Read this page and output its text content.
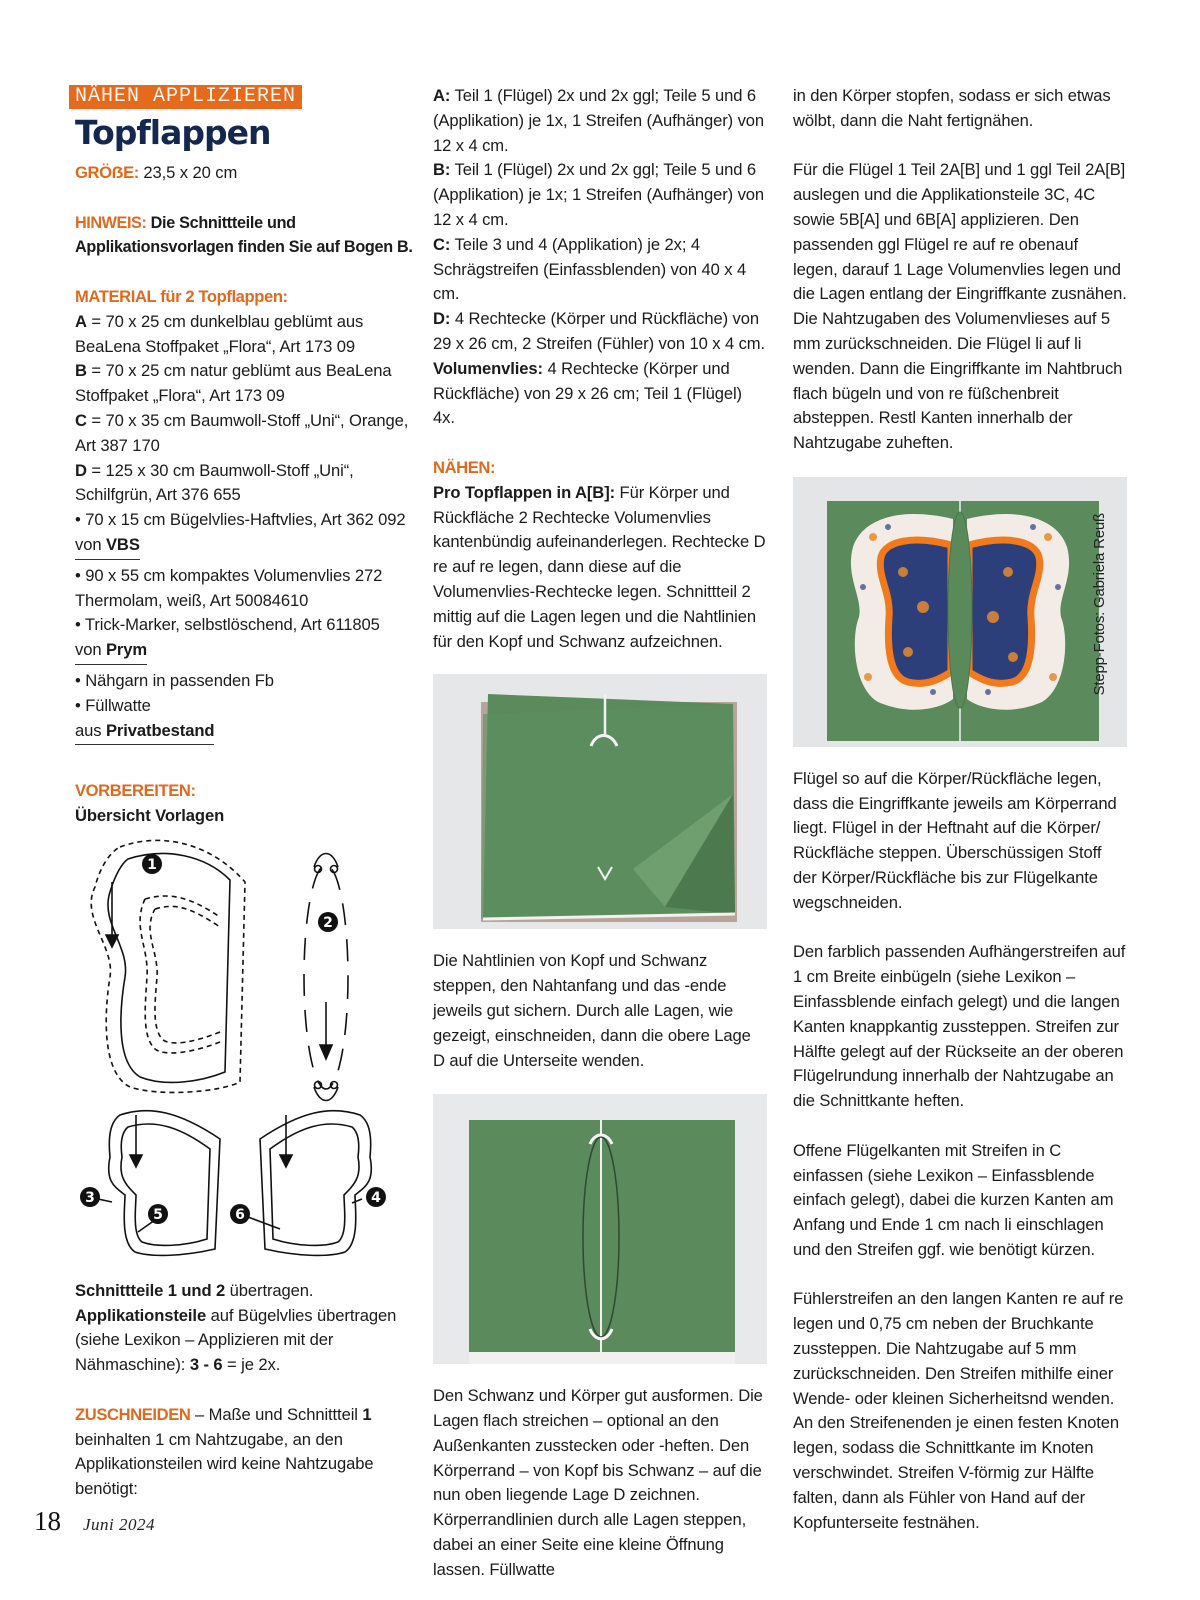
NÄHEN APPLIZIEREN
Topflappen

GRÖẞE: 23,5 x 20 cm

HINWEIS: Die Schnittteile und Applikationsvorlagen finden Sie auf Bogen B.

MATERIAL für 2 Topflappen:
A = 70 x 25 cm dunkelblau geblümt aus BeaLena Stoffpaket „Flora“, Art 173 09
B = 70 x 25 cm natur geblümt aus BeaLena Stoffpaket „Flora“, Art 173 09
C = 70 x 35 cm Baumwoll-Stoff „Uni“, Orange, Art 387 170
D = 125 x 30 cm Baumwoll-Stoff „Uni“, Schilfgrün, Art 376 655
• 70 x 15 cm Bügelvlies-Haftvlies, Art 362 092
von VBS
• 90 x 55 cm kompaktes Volumenvlies 272 Thermolam, weiß, Art 50084610
• Trick-Marker, selbstlöschend, Art 611805
von Prym
• Nähgarn in passenden Fb
• Füllwatte
aus Privatbestand
VORBEREITEN:
Übersicht Vorlagen
1
2
3	4
5	6

Schnittteile 1 und 2 übertragen.

Applikationsteile auf Bügelvlies übertragen (siehe Lexikon – Applizieren mit der Nähmaschine): 3 - 6 = je 2x.

ZUSCHNEIDEN – Maße und Schnittteil 1 beinhalten 1 cm Nahtzugabe, an den Applikationsteilen wird keine Nahtzugabe benötigt:

A: Teil 1 (Flügel) 2x und 2x ggl; Teile 5 und 6 (Applikation) je 1x, 1 Streifen (Aufhänger) von 12 x 4 cm.
B: Teil 1 (Flügel) 2x und 2x ggl; Teile 5 und 6 (Applikation) je 1x; 1 Streifen (Aufhänger) von 12 x 4 cm.
C: Teile 3 und 4 (Applikation) je 2x; 4 Schrägstreifen (Einfassblenden) von 40 x 4 cm.
D: 4 Rechtecke (Körper und Rückfläche) von 29 x 26 cm, 2 Streifen (Fühler) von 10 x 4 cm.
Volumenvlies: 4 Rechtecke (Körper und Rückfläche) von 29 x 26 cm; Teil 1 (Flügel) 4x.
NÄHEN:

Pro Topflappen in A[B]: Für Körper und Rückfläche 2 Rechtecke Volumenvlies kantenbündig aufeinanderlegen. Rechtecke D re auf re legen, dann diese auf die Volumenvlies-Rechtecke legen. Schnittteil 2 mittig auf die Lagen legen und die Nahtlinien für den Kopf und Schwanz aufzeichnen.

Die Nahtlinien von Kopf und Schwanz steppen, den Nahtanfang und das -ende jeweils gut sichern. Durch alle Lagen, wie gezeigt, einschneiden, dann die obere Lage D auf die Unterseite wenden.

Den Schwanz und Körper gut ausformen. Die Lagen flach streichen – optional an den Außenkanten zusstecken oder -heften. Den Körperrand – von Kopf bis Schwanz – auf die nun oben liegende Lage D zeichnen. Körperrandlinien durch alle Lagen steppen, dabei an einer Seite eine kleine Öffnung lassen. Füllwatte

in den Körper stopfen, sodass er sich etwas wölbt, dann die Naht fertignähen.

Für die Flügel 1 Teil 2A[B] und 1 ggl Teil 2A[B] auslegen und die Applikationsteile 3C, 4C sowie 5B[A] und 6B[A] applizieren. Den passenden ggl Flügel re auf re obenauf legen, darauf 1 Lage Volumenvlies legen und die Lagen entlang der Eingriffkante zusnähen. Die Nahtzugaben des Volumenvlieses auf 5 mm zurückschneiden. Die Flügel li auf li wenden. Dann die Eingriffkante im Nahtbruch flach bügeln und von re füßchenbreit absteppen. Restl Kanten innerhalb der Nahtzugabe zuheften.

Stepp-Fotos: Gabriela Reuß

Flügel so auf die Körper/Rückfläche legen, dass die Eingriffkante jeweils am Körperrand liegt. Flügel in der Heftnaht auf die Körper/ Rückfläche steppen. Überschüssigen Stoff der Körper/Rückfläche bis zur Flügelkante wegschneiden.

Den farblich passenden Aufhängerstreifen auf 1 cm Breite einbügeln (siehe Lexikon – Einfassblende einfach gelegt) und die langen Kanten knappkantig zussteppen. Streifen zur Hälfte gelegt auf der Rückseite an der oberen Flügelrundung innerhalb der Nahtzugabe an die Schnittkante heften.

Offene Flügelkanten mit Streifen in C einfassen (siehe Lexikon – Einfassblende einfach gelegt), dabei die kurzen Kanten am Anfang und Ende 1 cm nach li einschlagen und den Streifen ggf. wie benötigt kürzen.

Fühlerstreifen an den langen Kanten re auf re legen und 0,75 cm neben der Bruchkante zussteppen. Die Nahtzugabe auf 5 mm zurückschneiden. Den Streifen mithilfe einer Wende- oder kleinen Sicherheitsnd wenden. An den Streifenenden je einen festen Knoten legen, sodass die Schnittkante im Knoten verschwindet. Streifen V-förmig zur Hälfte falten, dann als Fühler von Hand auf der Kopfunterseite festnähen.

18 Juni 2024
